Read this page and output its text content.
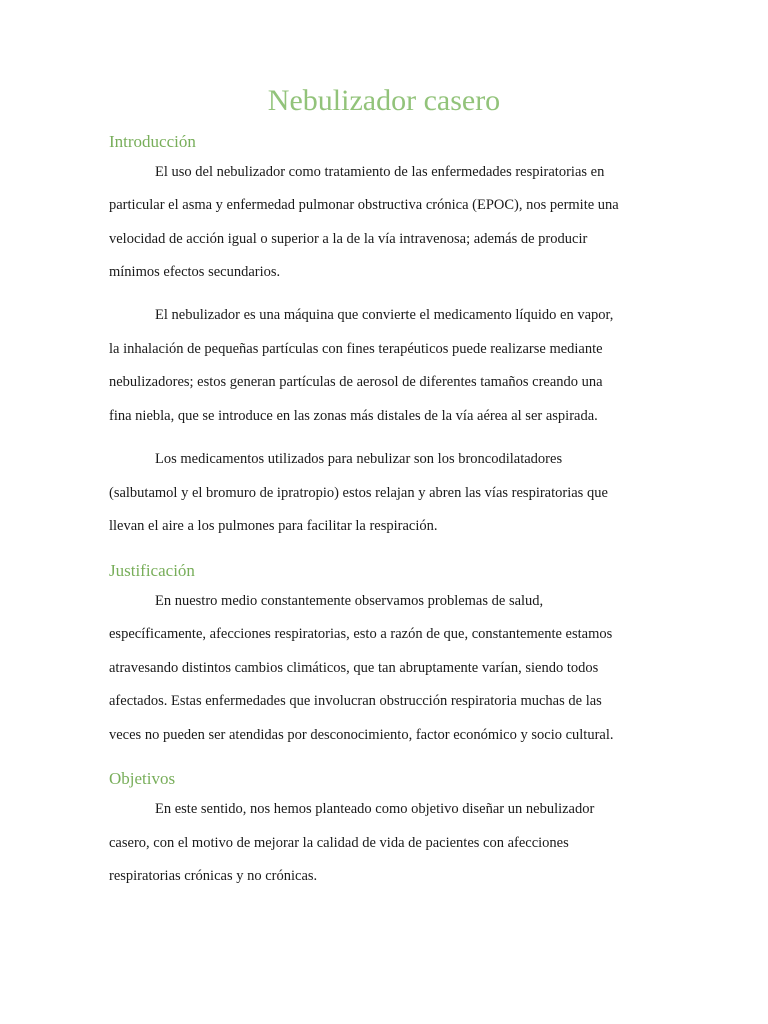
Nebulizador casero
Introducción

El uso del nebulizador como tratamiento de las enfermedades respiratorias en

particular el asma y enfermedad pulmonar obstructiva crónica (EPOC), nos permite una

velocidad de acción igual o superior a la de la vía intravenosa; además de producir

mínimos efectos secundarios.

El nebulizador es una máquina que convierte el medicamento líquido en vapor,

la inhalación de pequeñas partículas con fines terapéuticos puede realizarse mediante

nebulizadores; estos generan partículas de aerosol de diferentes tamaños creando una

fina niebla, que se introduce en las zonas más distales de la vía aérea al ser aspirada.

Los medicamentos utilizados para nebulizar son los broncodilatadores

(salbutamol y el bromuro de ipratropio) estos relajan y abren las vías respiratorias que

llevan el aire a los pulmones para facilitar la respiración.

Justificación

En nuestro medio constantemente observamos problemas de salud,

específicamente, afecciones respiratorias, esto a razón de que, constantemente estamos

atravesando distintos cambios climáticos, que tan abruptamente varían, siendo todos

afectados. Estas enfermedades que involucran obstrucción respiratoria muchas de las

veces no pueden ser atendidas por desconocimiento, factor económico y socio cultural.

Objetivos

En este sentido, nos hemos planteado como objetivo diseñar un nebulizador

casero, con el motivo de mejorar la calidad de vida de pacientes con afecciones

respiratorias crónicas y no crónicas.
